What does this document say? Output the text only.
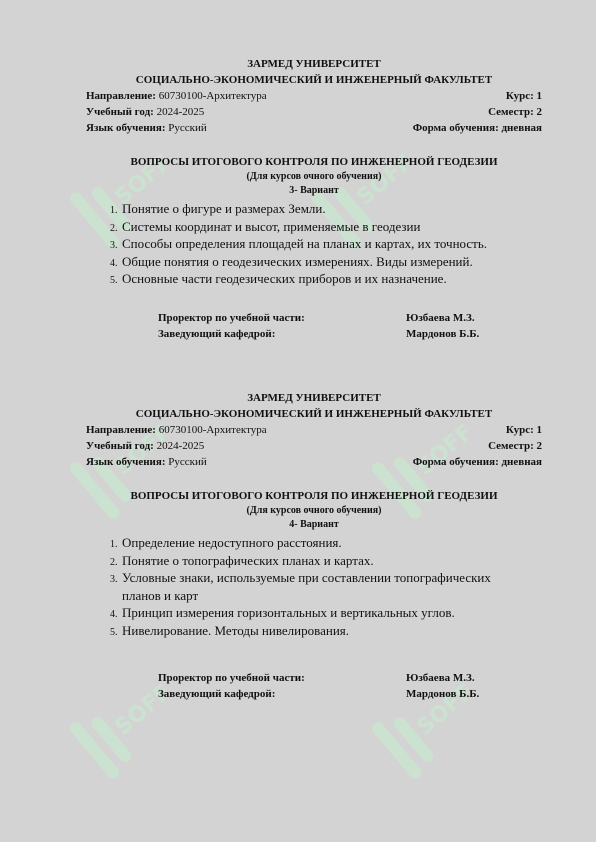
SOFF	SOFF
SOFF	SOFF
SOFF	SOFF
ЗАРМЕД УНИВЕРСИТЕТ
СОЦИАЛЬНО-ЭКОНОМИЧЕСКИЙ И ИНЖЕНЕРНЫЙ ФАКУЛЬТЕТ
Направление: 60730100-Архитектура	Курс: 1
Учебный год: 2024-2025	Семестр: 2
Язык обучения: Русский	Форма обучения: дневная
ВОПРОСЫ ИТОГОВОГО КОНТРОЛЯ ПО ИНЖЕНЕРНОЙ ГЕОДЕЗИИ
(Для курсов очного обучения)
3- Вариант
1. Понятие о фигуре и размерах Земли.
2. Системы координат и высот, применяемые в геодезии
3. Способы определения площадей на планах и картах, их точность.
4. Общие понятия о геодезических измерениях. Виды измерений.
5. Основные части геодезических приборов и их назначение.
Проректор по учебной части:	Юзбаева М.З.
Заведующий кафедрой:	Мардонов Б.Б.
ЗАРМЕД УНИВЕРСИТЕТ
СОЦИАЛЬНО-ЭКОНОМИЧЕСКИЙ И ИНЖЕНЕРНЫЙ ФАКУЛЬТЕТ
Направление: 60730100-Архитектура	Курс: 1
Учебный год: 2024-2025	Семестр: 2
Язык обучения: Русский	Форма обучения: дневная
ВОПРОСЫ ИТОГОВОГО КОНТРОЛЯ ПО ИНЖЕНЕРНОЙ ГЕОДЕЗИИ
(Для курсов очного обучения)
4- Вариант
1. Определение недоступного расстояния.
2. Понятие о топографических планах и картах.
3. Условные знаки, используемые при составлении топографических планов и карт
4. Принцип измерения горизонтальных и вертикальных углов.
5. Нивелирование. Методы нивелирования.
Проректор по учебной части:	Юзбаева М.З.
Заведующий кафедрой:	Мардонов Б.Б.
